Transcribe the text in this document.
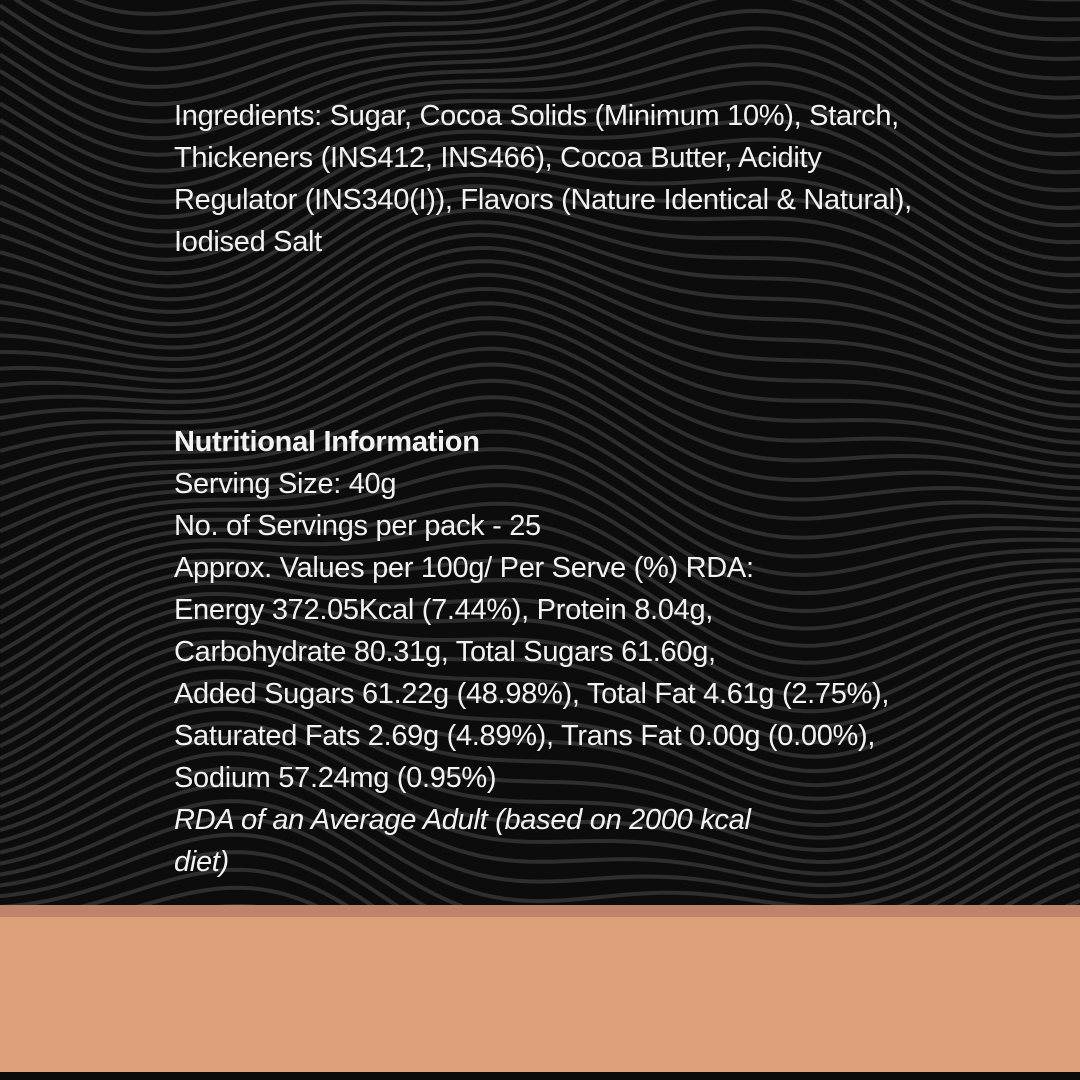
Ingredients: Sugar, Cocoa Solids (Minimum 10%), Starch,
Thickeners (INS412, INS466), Cocoa Butter, Acidity
Regulator (INS340(I)), Flavors (Nature Identical & Natural),
Iodised Salt
Nutritional Information
Serving Size: 40g
No. of Servings per pack - 25
Approx. Values per 100g/ Per Serve (%) RDA:
Energy 372.05Kcal (7.44%), Protein 8.04g,
Carbohydrate 80.31g, Total Sugars 61.60g,
Added Sugars 61.22g (48.98%), Total Fat 4.61g (2.75%),
Saturated Fats 2.69g (4.89%), Trans Fat 0.00g (0.00%),
Sodium 57.24mg (0.95%)
RDA of an Average Adult (based on 2000 kcal
diet)
